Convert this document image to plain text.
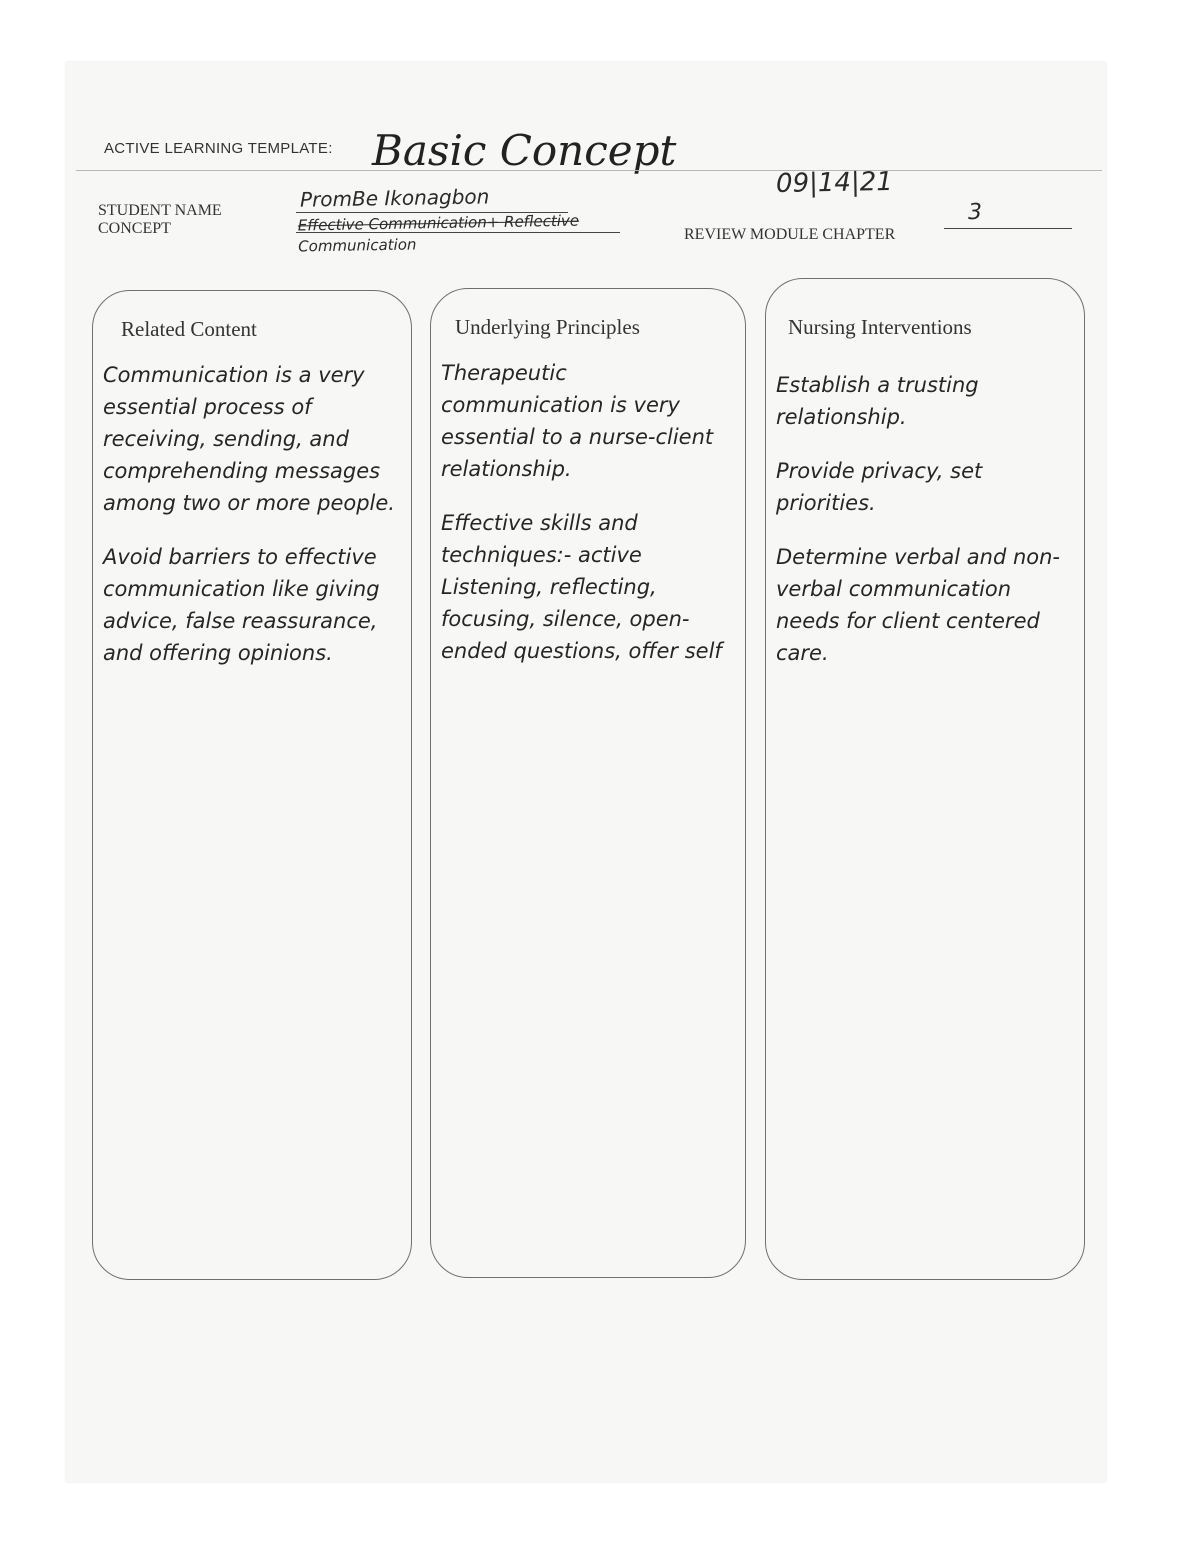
ACTIVE LEARNING TEMPLATE: Basic Concept
STUDENT NAME
CONCEPT	REVIEW MODULE CHAPTER
PromBe Ikonagbon
Effective Communication+ Reflective
Communication
09|14|21
3
Related Content

Communication is a very essential process of receiving, sending, and comprehending messages among two or more people.

Avoid barriers to effective communication like giving advice, false reassurance, and offering opinions.

Underlying Principles

Therapeutic communication is very essential to a nurse-client relationship.

Effective skills and techniques:- active Listening, reflecting, focusing, silence, open-ended questions, offer self

Nursing Interventions

Establish a trusting relationship.

Provide privacy, set priorities.

Determine verbal and non-verbal communication needs for client centered care.
